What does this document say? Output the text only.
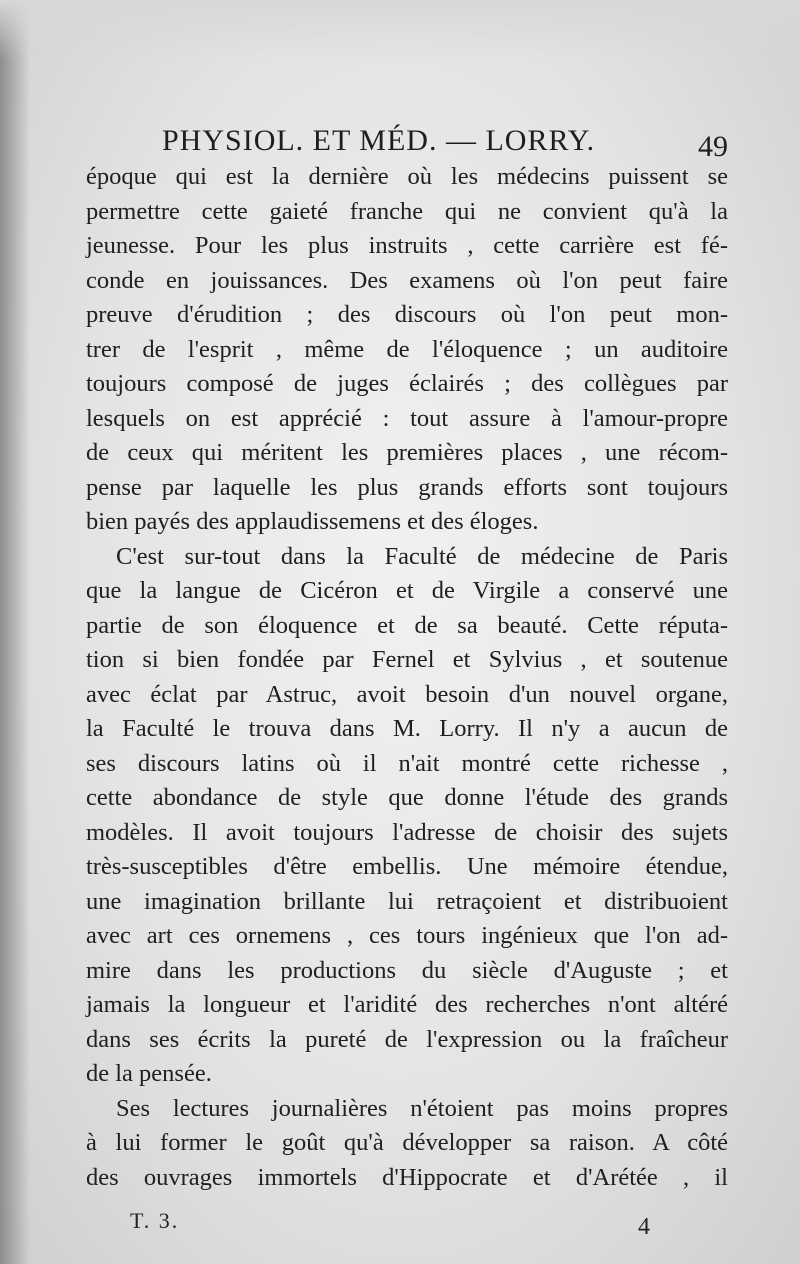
PHYSIOL. ET MÉD. — LORRY.	49

époque qui est la dernière où les médecins puissent se
permettre cette gaieté franche qui ne convient qu'à la
jeunesse. Pour les plus instruits , cette carrière est fé-
conde en jouissances. Des examens où l'on peut faire
preuve d'érudition ; des discours où l'on peut mon-
trer de l'esprit , même de l'éloquence ; un auditoire
toujours composé de juges éclairés ; des collègues par
lesquels on est apprécié : tout assure à l'amour-propre
de ceux qui méritent les premières places , une récom-
pense par laquelle les plus grands efforts sont toujours
bien payés des applaudissemens et des éloges.

C'est sur-tout dans la Faculté de médecine de Paris
que la langue de Cicéron et de Virgile a conservé une
partie de son éloquence et de sa beauté. Cette réputa-
tion si bien fondée par Fernel et Sylvius , et soutenue
avec éclat par Astruc, avoit besoin d'un nouvel organe,
la Faculté le trouva dans M. Lorry. Il n'y a aucun de
ses discours latins où il n'ait montré cette richesse ,
cette abondance de style que donne l'étude des grands
modèles. Il avoit toujours l'adresse de choisir des sujets
très-susceptibles d'être embellis. Une mémoire étendue,
une imagination brillante lui retraçoient et distribuoient
avec art ces ornemens , ces tours ingénieux que l'on ad-
mire dans les productions du siècle d'Auguste ; et
jamais la longueur et l'aridité des recherches n'ont altéré
dans ses écrits la pureté de l'expression ou la fraîcheur
de la pensée.

Ses lectures journalières n'étoient pas moins propres
à lui former le goût qu'à développer sa raison. A côté
des ouvrages immortels d'Hippocrate et d'Arétée , il

T. 3.	4
